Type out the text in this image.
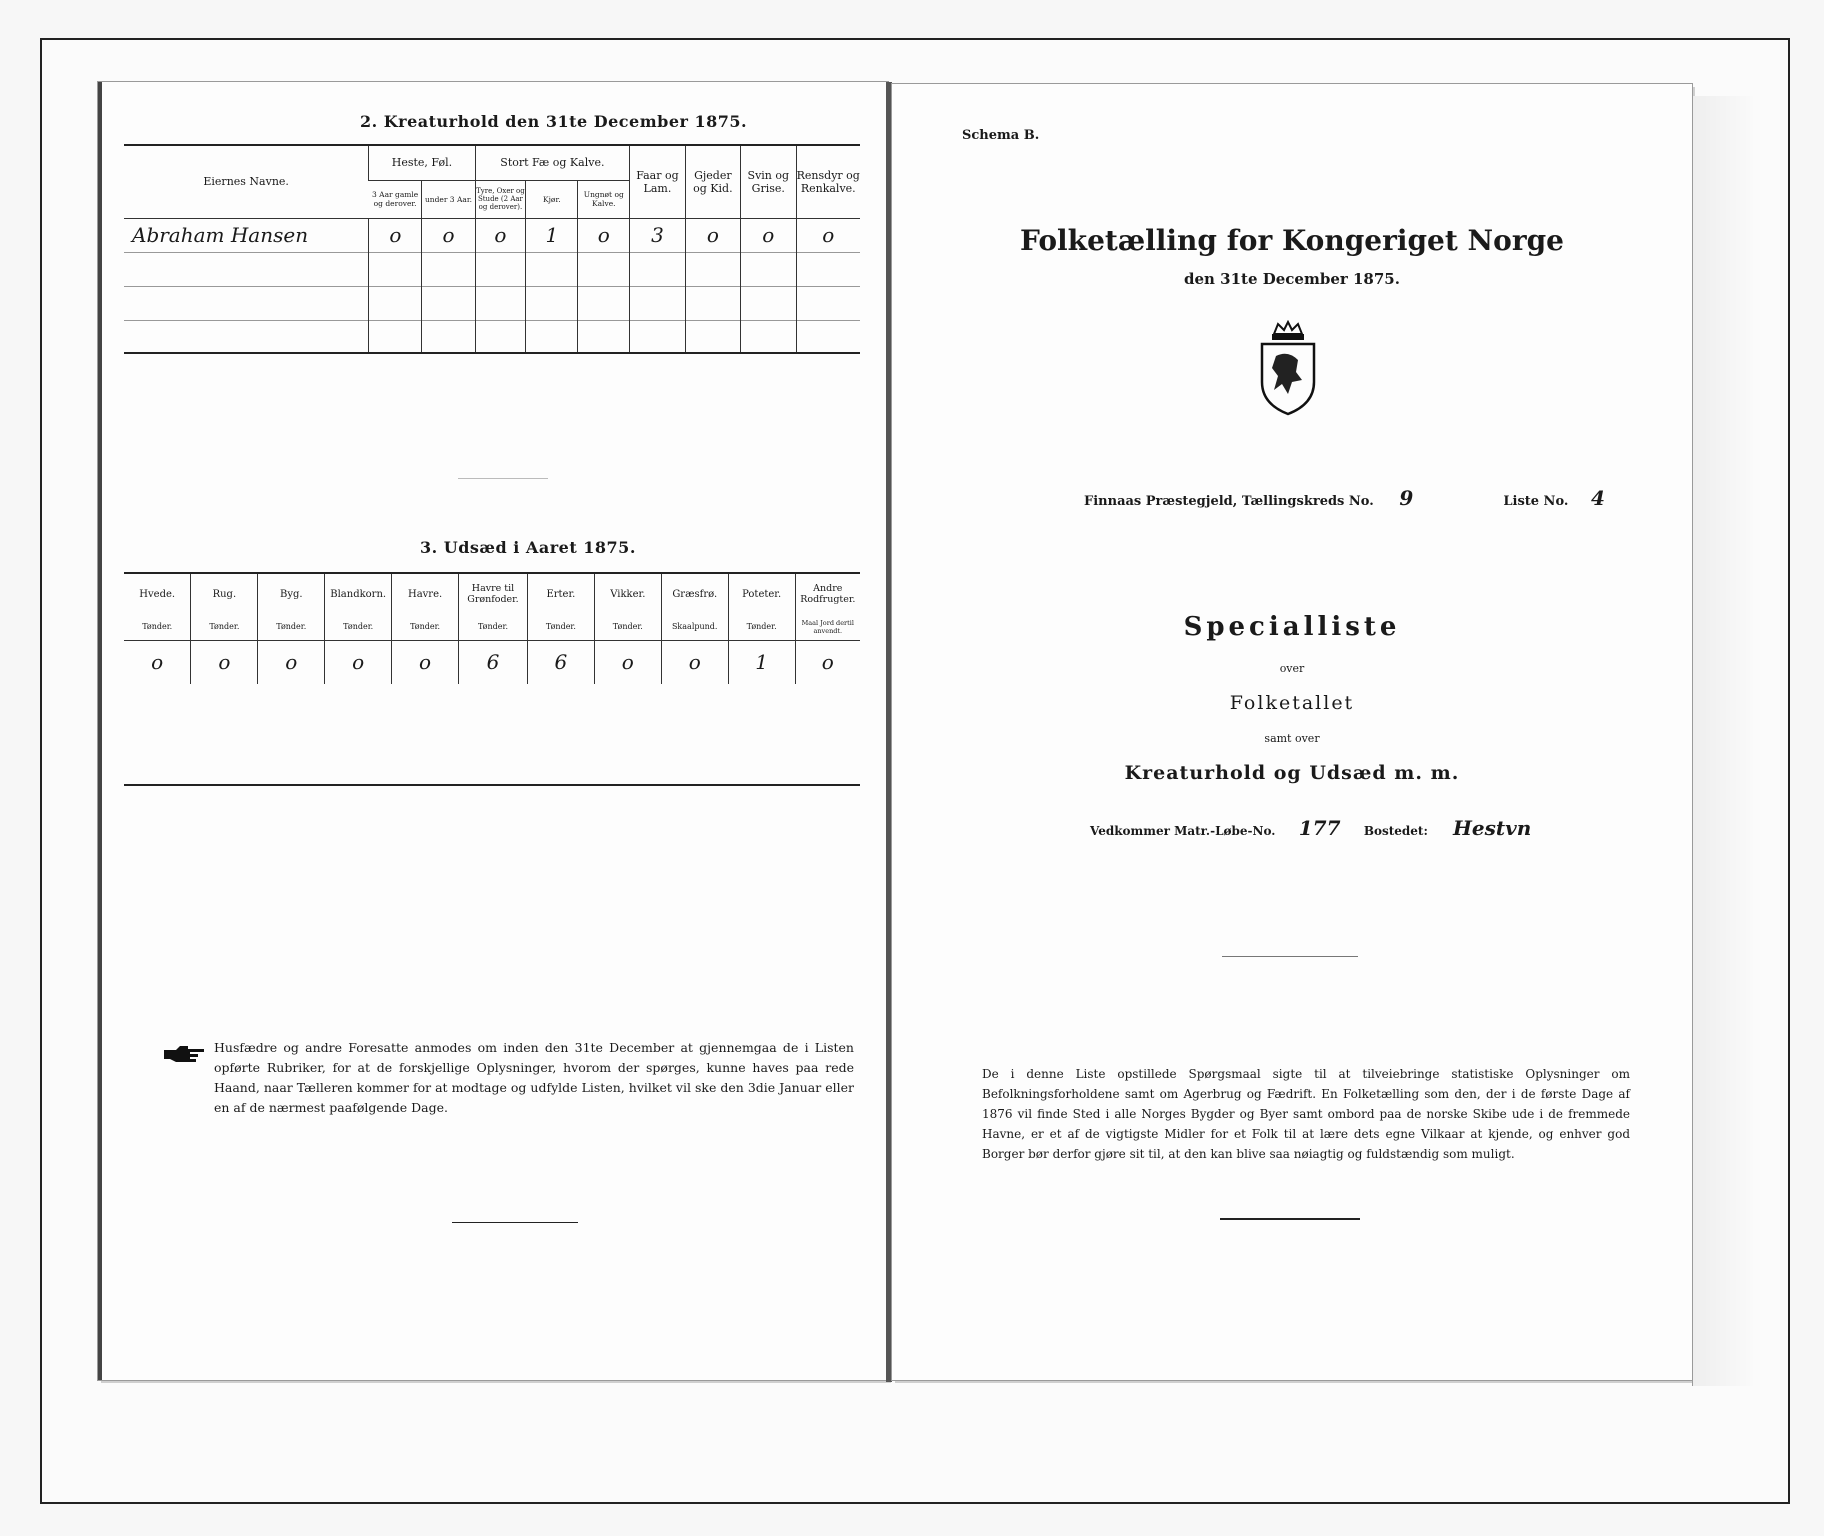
2. Kreaturhold den 31te December 1875.
Eiernes Navne.	Heste, Føl.		Stort Fæ og Kalve.			Faar og Lam.	Gjeder og Kid.	Svin og Grise.	Rensdyr og Renkalve.
	3 Aar gamle og derover.	under 3 Aar.	Tyre, Oxer og Stude (2 Aar og derover).	Kjør.	Ungnøt og Kalve.				
Abraham Hansen	o	o	o	1	o	3	o	o	o

3. Udsæd i Aaret 1875.
Hvede.	Rug.	Byg.	Blandkorn.	Havre.	Havre til Grønfoder.	Erter.	Vikker.	Græsfrø.	Poteter.	Andre Rodfrugter.
Tønder.	Tønder.	Tønder.	Tønder.	Tønder.	Tønder.	Tønder.	Tønder.	Skaalpund.	Tønder.	Maal Jord dertil anvendt.
o	o	o	o	o	6	6	o	o	1	o
Husfædre og andre Foresatte anmodes om inden den 31te December at gjennemgaa de i Listen opførte Rubriker, for at de forskjellige Oplysninger, hvorom der spørges, kunne haves paa rede Haand, naar Tælleren kommer for at modtage og udfylde Listen, hvilket vil ske den 3die Januar eller en af de nærmest paafølgende Dage.
Schema B.
Folketælling for Kongeriget Norge
den 31te December 1875.
Finnaas Præstegjeld, Tællingskreds No. 9	Liste No. 4
Specialliste
over
Folketallet
samt over
Kreaturhold og Udsæd m. m.
Vedkommer Matr.-Løbe-No. 177 Bostedet: Hestvn
De i denne Liste opstillede Spørgsmaal sigte til at tilveiebringe statistiske Oplysninger om Befolkningsforholdene samt om Agerbrug og Fædrift. En Folketælling som den, der i de første Dage af 1876 vil finde Sted i alle Norges Bygder og Byer samt ombord paa de norske Skibe ude i de fremmede Havne, er et af de vigtigste Midler for et Folk til at lære dets egne Vilkaar at kjende, og enhver god Borger bør derfor gjøre sit til, at den kan blive saa nøiagtig og fuldstændig som muligt.
